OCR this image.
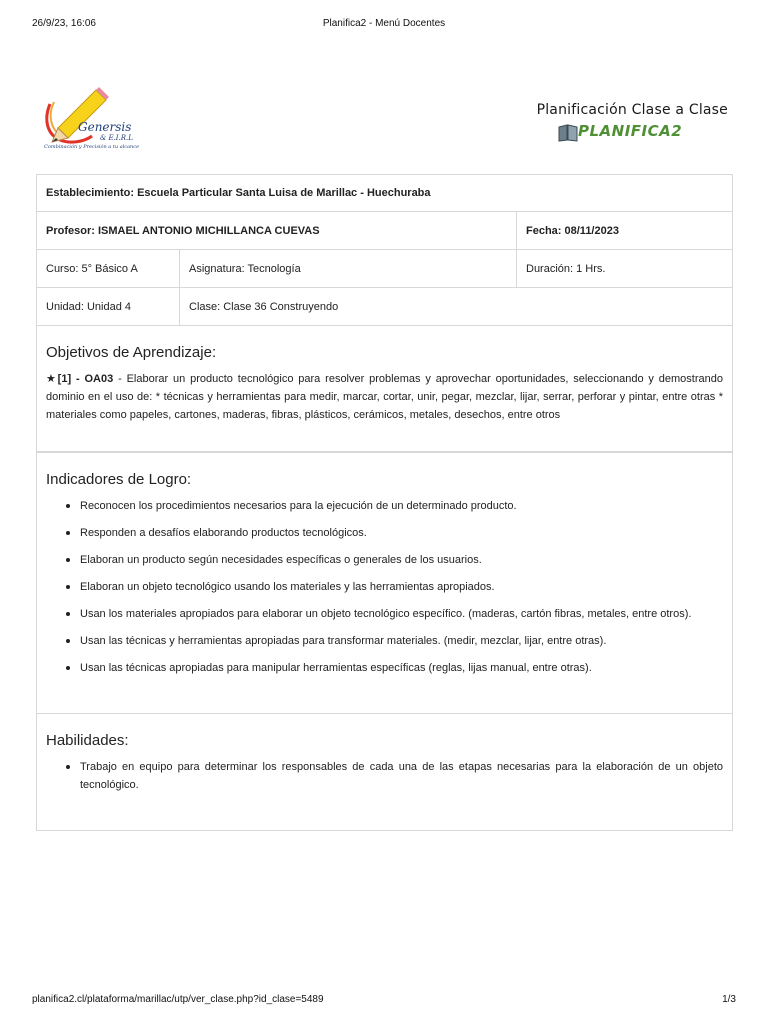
26/9/23, 16:06	Planifica2 - Menú Docentes
Genersis
& E.I.R.L
Combinación y Precisión a tu alcance
Planificación Clase a Clase
PLANIFICA2
Establecimiento: Escuela Particular Santa Luisa de Marillac - Huechuraba
Profesor: ISMAEL ANTONIO MICHILLANCA CUEVAS	Fecha: 08/11/2023
Curso: 5° Básico A	Asignatura: Tecnología	Duración: 1 Hrs.
Unidad: Unidad 4	Clase: Clase 36 Construyendo
Objetivos de Aprendizaje:

★[1] - OA03 - Elaborar un producto tecnológico para resolver problemas y aprovechar oportunidades, seleccionando y demostrando dominio en el uso de: * técnicas y herramientas para medir, marcar, cortar, unir, pegar, mezclar, lijar, serrar, perforar y pintar, entre otras * materiales como papeles, cartones, maderas, fibras, plásticos, cerámicos, metales, desechos, entre otros

Indicadores de Logro:
Reconocen los procedimientos necesarios para la ejecución de un determinado producto.
Responden a desafíos elaborando productos tecnológicos.
Elaboran un producto según necesidades específicas o generales de los usuarios.
Elaboran un objeto tecnológico usando los materiales y las herramientas apropiados.
Usan los materiales apropiados para elaborar un objeto tecnológico específico. (maderas, cartón fibras, metales, entre otros).
Usan las técnicas y herramientas apropiadas para transformar materiales. (medir, mezclar, lijar, entre otras).
Usan las técnicas apropiadas para manipular herramientas específicas (reglas, lijas manual, entre otras).
Habilidades:
Trabajo en equipo para determinar los responsables de cada una de las etapas necesarias para la elaboración de un objeto tecnológico.
planifica2.cl/plataforma/marillac/utp/ver_clase.php?id_clase=5489	1/3
